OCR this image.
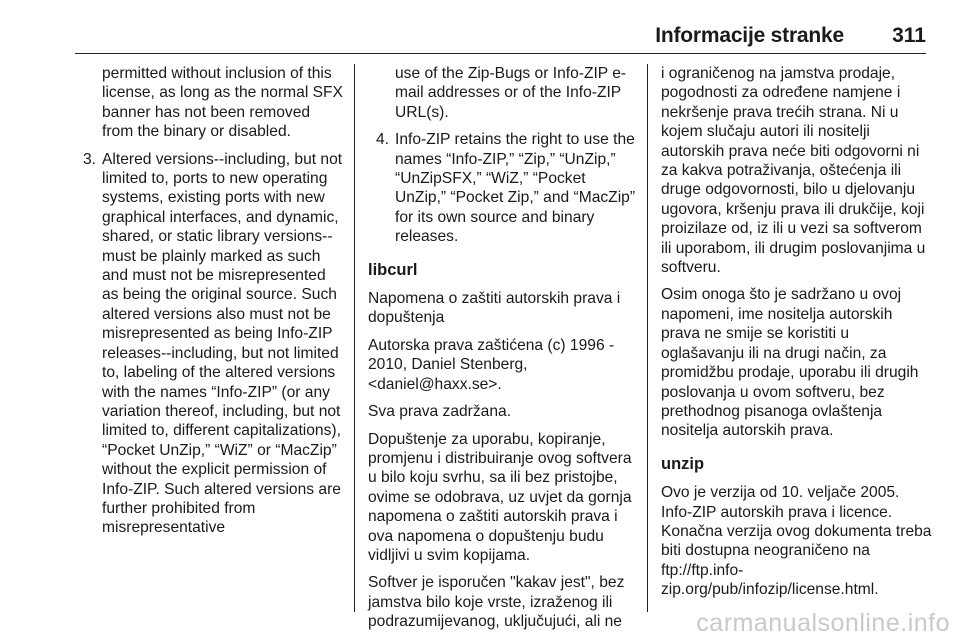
Informacije stranke 311
permitted without inclusion of this license, as long as the normal SFX banner has not been removed from the binary or disabled.
3. Altered versions--including, but not limited to, ports to new operating systems, existing ports with new graphical interfaces, and dynamic, shared, or static library versions--must be plainly marked as such and must not be misrepresented as being the original source. Such altered versions also must not be misrepresented as being Info-ZIP releases--including, but not limited to, labeling of the altered versions with the names “Info-ZIP” (or any variation thereof, including, but not limited to, different capitalizations), “Pocket UnZip,” “WiZ” or “MacZip” without the explicit permission of Info-ZIP. Such altered versions are further prohibited from misrepresentative
use of the Zip-Bugs or Info-ZIP e-mail addresses or of the Info-ZIP URL(s).
4. Info-ZIP retains the right to use the names “Info-ZIP,” “Zip,” “UnZip,” “UnZipSFX,” “WiZ,” “Pocket UnZip,” “Pocket Zip,” and “MacZip” for its own source and binary releases.
libcurl
Napomena o zaštiti autorskih prava i dopuštenja
Autorska prava zaštićena (c) 1996 - 2010, Daniel Stenberg, <daniel@haxx.se>.
Sva prava zadržana.
Dopuštenje za uporabu, kopiranje, promjenu i distribuiranje ovog softvera u bilo koju svrhu, sa ili bez pristojbe, ovime se odobrava, uz uvjet da gornja napomena o zaštiti autorskih prava i ova napomena o dopuštenju budu vidljivi u svim kopijama.
Softver je isporučen "kakav jest", bez jamstva bilo koje vrste, izraženog ili podrazumijevanog, uključujući, ali ne
i ograničenog na jamstva prodaje, pogodnosti za određene namjene i nekršenje prava trećih strana. Ni u kojem slučaju autori ili nositelji autorskih prava neće biti odgovorni ni za kakva potraživanja, oštećenja ili druge odgovornosti, bilo u djelovanju ugovora, kršenju prava ili drukčije, koji proizilaze od, iz ili u vezi sa softverom ili uporabom, ili drugim poslovanjima u softveru.
Osim onoga što je sadržano u ovoj napomeni, ime nositelja autorskih prava ne smije se koristiti u oglašavanju ili na drugi način, za promidžbu prodaje, uporabu ili drugih poslovanja u ovom softveru, bez prethodnog pisanoga ovlaštenja nositelja autorskih prava.
unzip
Ovo je verzija od 10. veljače 2005. Info-ZIP autorskih prava i licence. Konačna verzija ovog dokumenta treba biti dostupna neograničeno na ftp://ftp.info-zip.org/pub/infozip/license.html.
carmanualsonline.info
